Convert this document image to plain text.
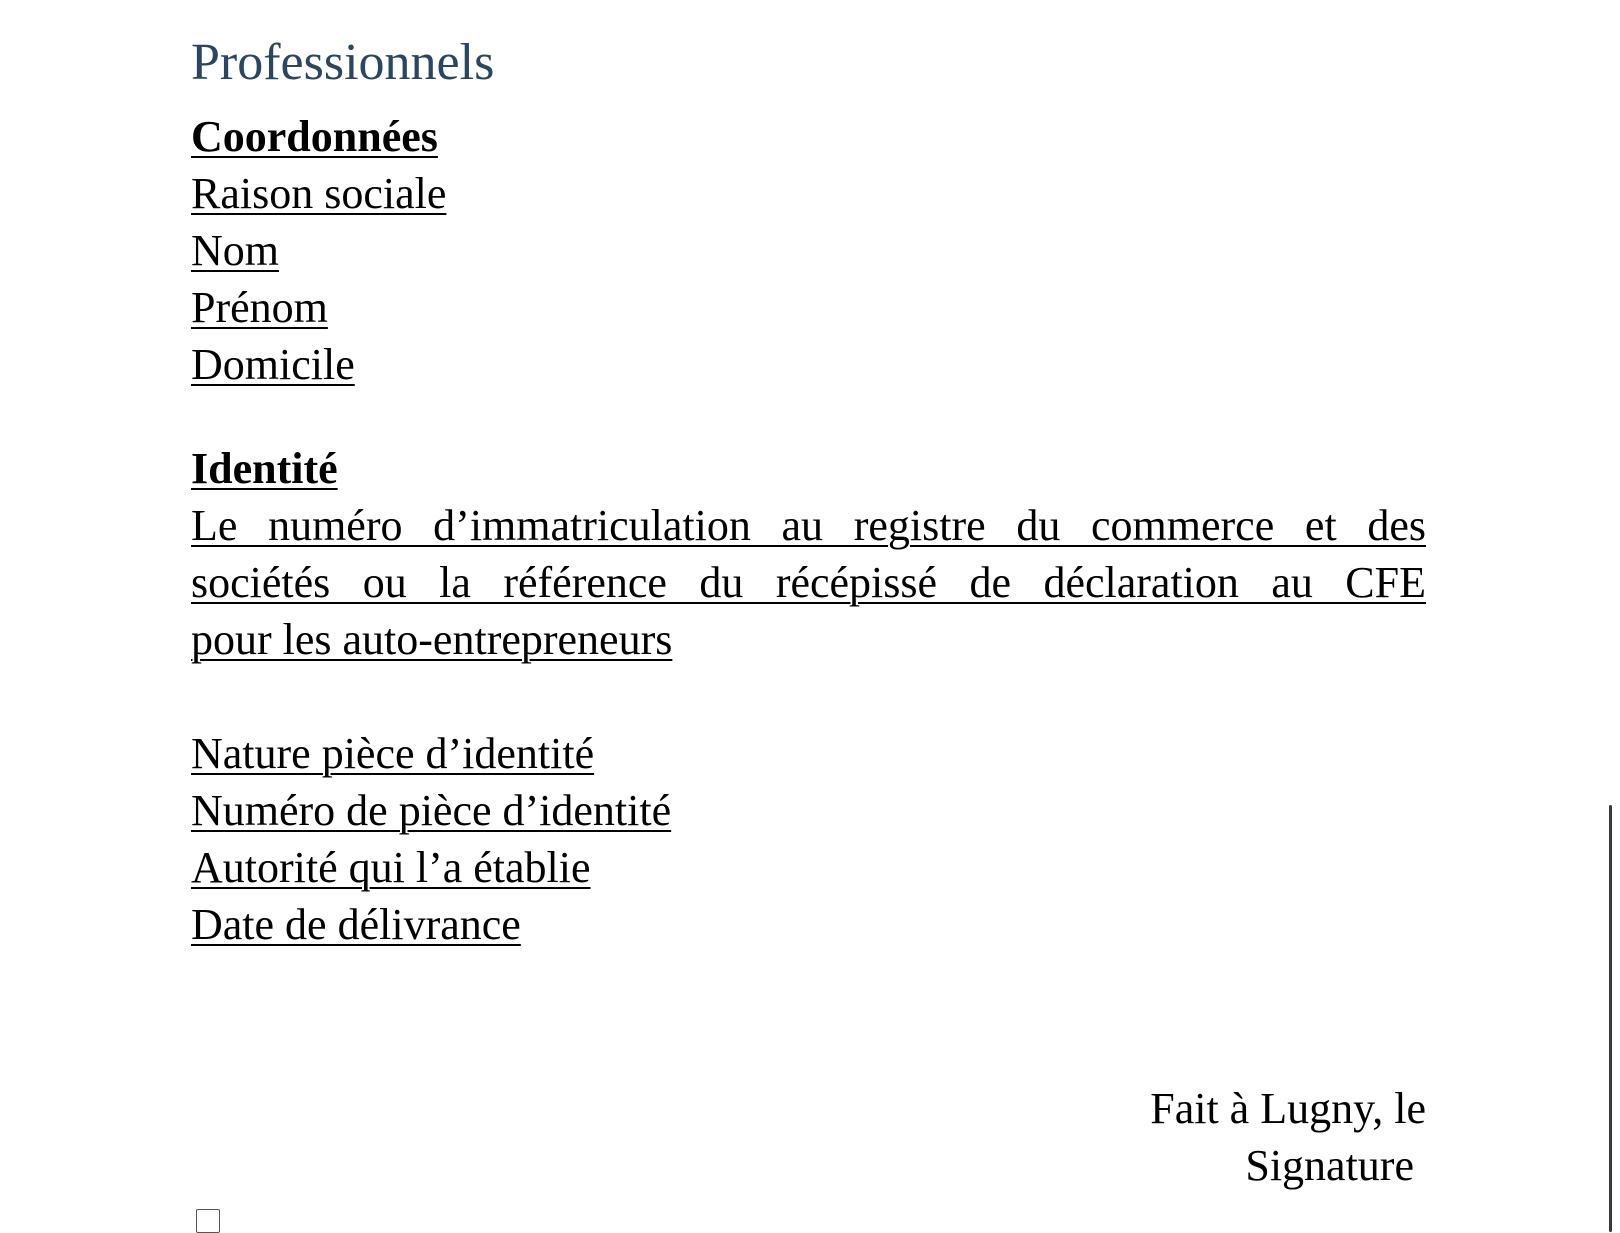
Professionnels
Coordonnées
Raison sociale
Nom
Prénom
Domicile
Identité
Le numéro d’immatriculation au registre du commerce et des
sociétés ou la référence du récépissé de déclaration au CFE
pour les auto-entrepreneurs
Nature pièce d’identité
Numéro de pièce d’identité
Autorité qui l’a établie
Date de délivrance
Fait à Lugny, le
Signature
